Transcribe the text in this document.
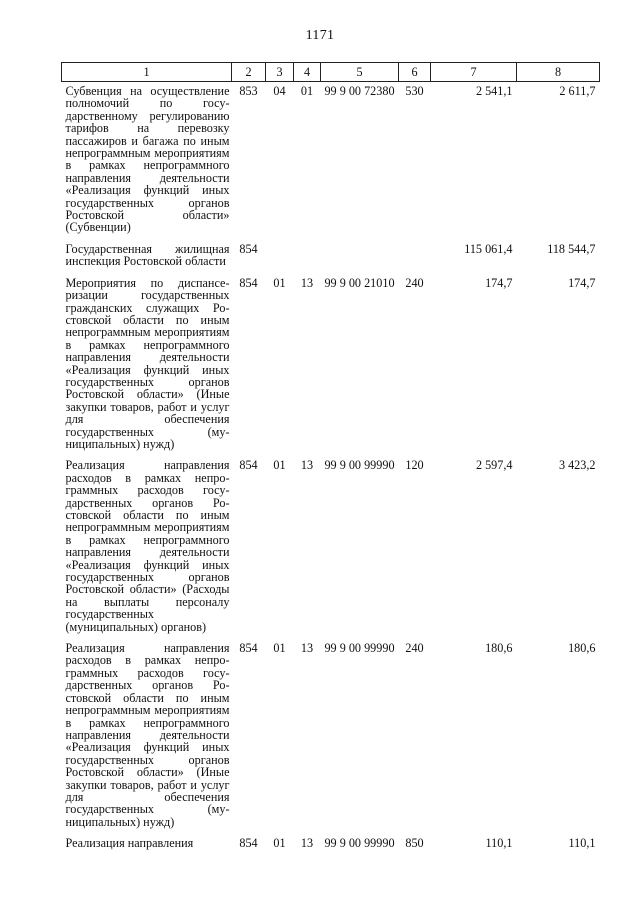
1171
1	2	3	4	5	6	7	8
Субвенция на осуществление полномочий по государственному регулированию тарифов на перевозку пассажиров и багажа по иным непрограммным мероприятиям в рамках непрограммного направления деятельности «Реализация функций иных государственных органов Ростовской области» (Субвенции)	853	04	01	99 9 00 72380	530	2 541,1	2 611,7
Государственная жилищная инспекция Ростовской области	854					115 061,4	118 544,7
Мероприятия по диспансеризации государственных гражданских служащих Ростовской области по иным непрограммным мероприятиям в рамках непрограммного направления деятельности «Реализация функций иных государственных органов Ростовской области» (Иные закупки товаров, работ и услуг для обеспечения государственных (муниципальных) нужд)	854	01	13	99 9 00 21010	240	174,7	174,7
Реализация направления расходов в рамках непрограммных расходов государственных органов Ростовской области по иным непрограммным мероприятиям в рамках непрограммного направления деятельности «Реализация функций иных государственных органов Ростовской области» (Расходы на выплаты персоналу государственных (муниципальных) органов)	854	01	13	99 9 00 99990	120	2 597,4	3 423,2
Реализация направления расходов в рамках непрограммных расходов государственных органов Ростовской области по иным непрограммным мероприятиям в рамках непрограммного направления деятельности «Реализация функций иных государственных органов Ростовской области» (Иные закупки товаров, работ и услуг для обеспечения государственных (муниципальных) нужд)	854	01	13	99 9 00 99990	240	180,6	180,6
Реализация направления	854	01	13	99 9 00 99990	850	110,1	110,1
